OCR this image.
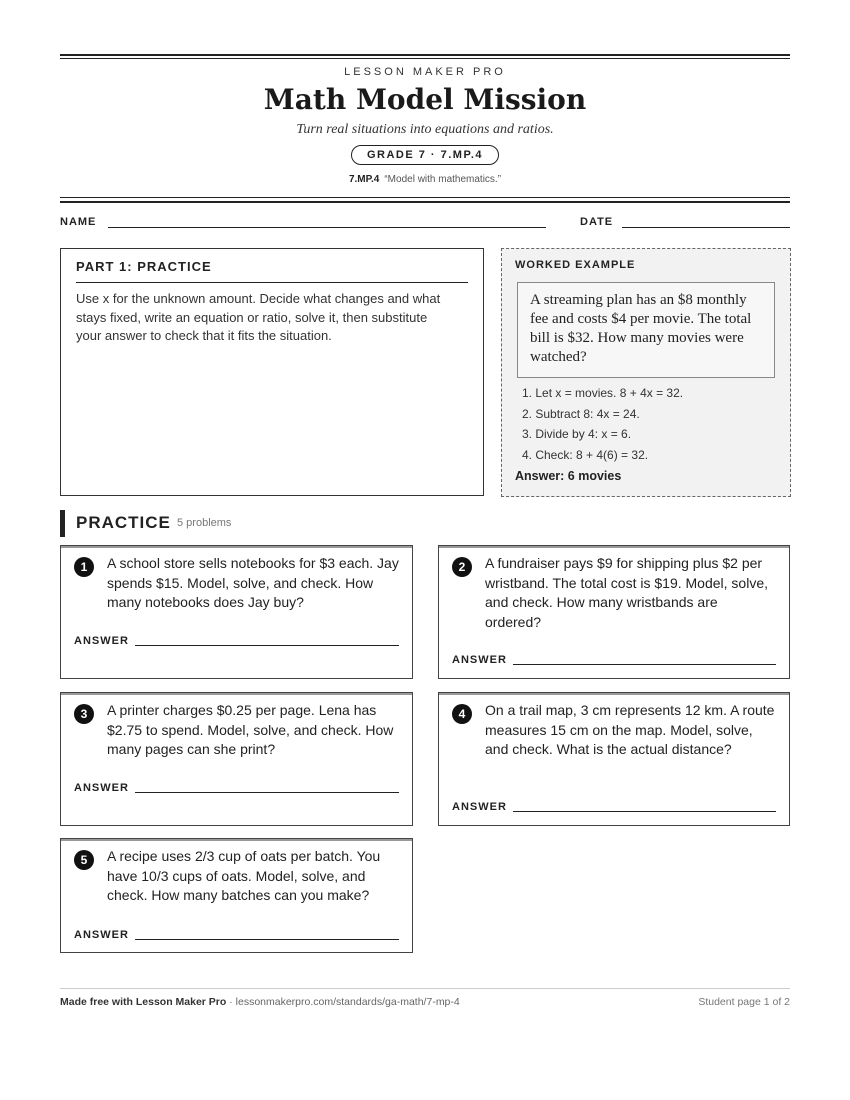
LESSON MAKER PRO
Math Model Mission
Turn real situations into equations and ratios.
GRADE 7 · 7.MP.4
7.MP.4 “Model with mathematics.”
NAME	DATE
PART 1: PRACTICE
Use x for the unknown amount. Decide what changes and what stays fixed, write an equation or ratio, solve it, then substitute your answer to check that it fits the situation.
WORKED EXAMPLE
A streaming plan has an $8 monthly fee and costs $4 per movie. The total bill is $32. How many movies were watched?
1. Let x = movies. 8 + 4x = 32.
2. Subtract 8: 4x = 24.
3. Divide by 4: x = 6.
4. Check: 8 + 4(6) = 32.
Answer: 6 movies
PRACTICE 5 problems
1	A school store sells notebooks for $3 each. Jay spends $15. Model, solve, and check. How many notebooks does Jay buy?
ANSWER
2	A fundraiser pays $9 for shipping plus $2 per wristband. The total cost is $19. Model, solve, and check. How many wristbands are ordered?
ANSWER
3	A printer charges $0.25 per page. Lena has $2.75 to spend. Model, solve, and check. How many pages can she print?
ANSWER
4	On a trail map, 3 cm represents 12 km. A route measures 15 cm on the map. Model, solve, and check. What is the actual distance?
ANSWER
5	A recipe uses 2/3 cup of oats per batch. You have 10/3 cups of oats. Model, solve, and check. How many batches can you make?
ANSWER
Made free with Lesson Maker Pro · lessonmakerpro.com/standards/ga-math/7-mp-4	Student page 1 of 2
